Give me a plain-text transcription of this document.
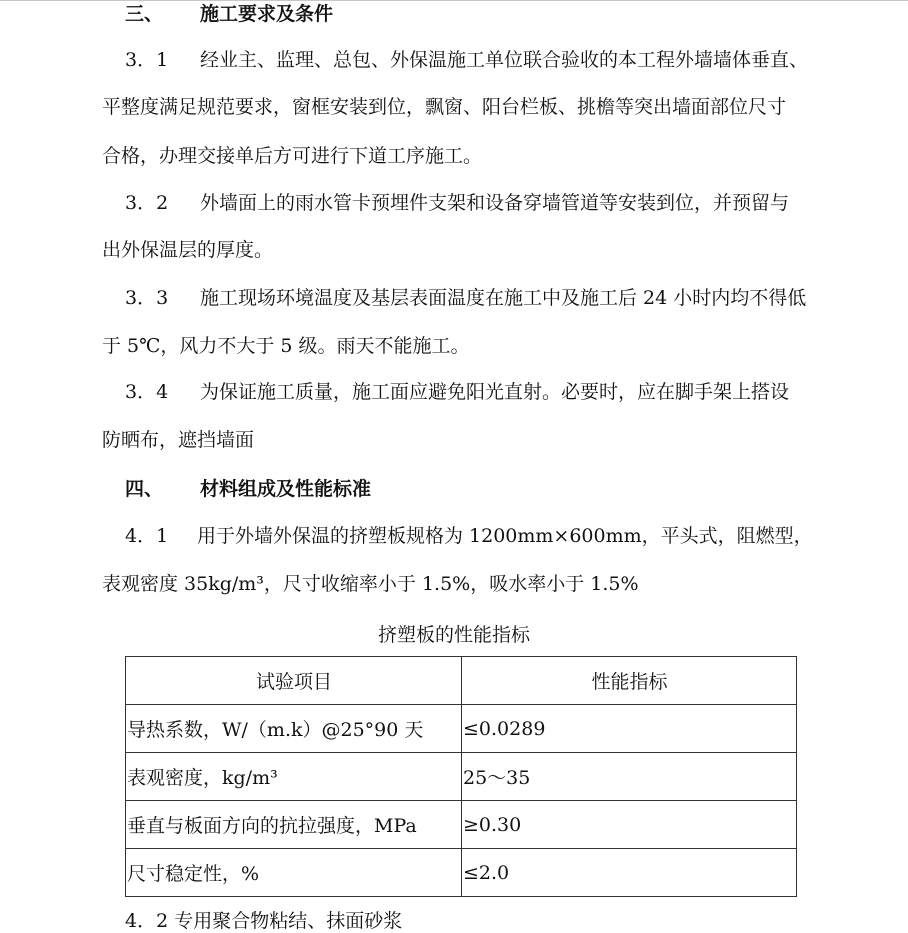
三、 施工要求及条件
3．1 经业主、监理、总包、外保温施工单位联合验收的本工程外墙墙体垂直、
平整度满足规范要求，窗框安装到位，飘窗、阳台栏板、挑檐等突出墙面部位尺寸
合格，办理交接单后方可进行下道工序施工。
3．2 外墙面上的雨水管卡预埋件支架和设备穿墙管道等安装到位，并预留与
出外保温层的厚度。
3．3 施工现场环境温度及基层表面温度在施工中及施工后 24 小时内均不得低
于 5℃，风力不大于 5 级。雨天不能施工。
3．4 为保证施工质量，施工面应避免阳光直射。必要时，应在脚手架上搭设
防晒布，遮挡墙面
四、 材料组成及性能标准
4．1 用于外墙外保温的挤塑板规格为 1200mm×600mm，平头式，阻燃型，
表观密度 35kg/m³，尺寸收缩率小于 1.5%，吸水率小于 1.5%
挤塑板的性能指标
试验项目	性能指标
导热系数，W/（m.k）@25°90 天	≤0.0289
表观密度，kg/m³	25～35
垂直与板面方向的抗拉强度，MPa	≥0.30
尺寸稳定性，%	≤2.0
4．2 专用聚合物粘结、抹面砂浆
